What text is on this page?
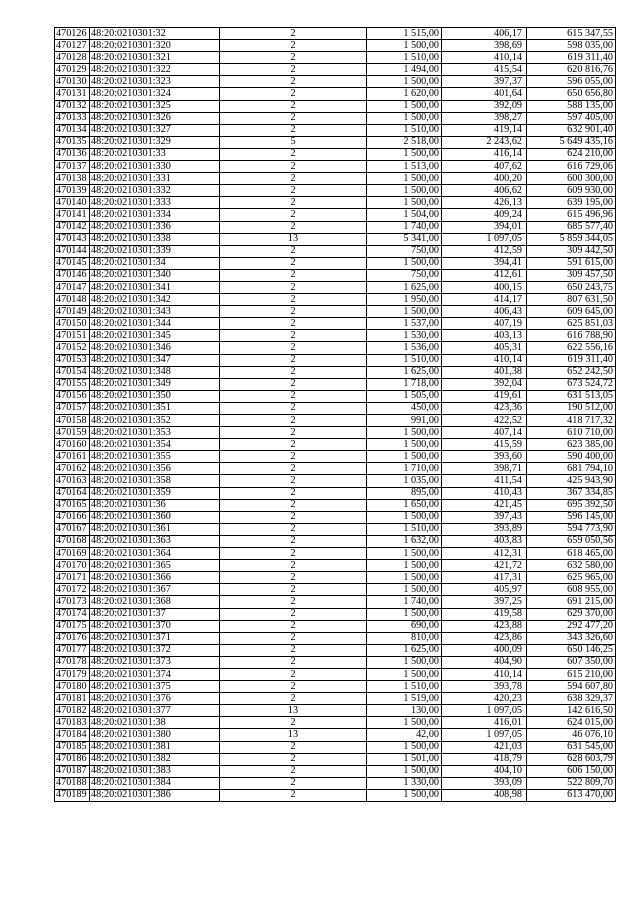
470126	48:20:0210301:32	2	1 515,00	406,17	615 347,55
470127	48:20:0210301:320	2	1 500,00	398,69	598 035,00
470128	48:20:0210301:321	2	1 510,00	410,14	619 311,40
470129	48:20:0210301:322	2	1 494,00	415,54	620 816,76
470130	48:20:0210301:323	2	1 500,00	397,37	596 055,00
470131	48:20:0210301:324	2	1 620,00	401,64	650 656,80
470132	48:20:0210301:325	2	1 500,00	392,09	588 135,00
470133	48:20:0210301:326	2	1 500,00	398,27	597 405,00
470134	48:20:0210301:327	2	1 510,00	419,14	632 901,40
470135	48:20:0210301:329	5	2 518,00	2 243,62	5 649 435,16
470136	48:20:0210301:33	2	1 500,00	416,14	624 210,00
470137	48:20:0210301:330	2	1 513,00	407,62	616 729,06
470138	48:20:0210301:331	2	1 500,00	400,20	600 300,00
470139	48:20:0210301:332	2	1 500,00	406,62	609 930,00
470140	48:20:0210301:333	2	1 500,00	426,13	639 195,00
470141	48:20:0210301:334	2	1 504,00	409,24	615 496,96
470142	48:20:0210301:336	2	1 740,00	394,01	685 577,40
470143	48:20:0210301:338	13	5 341,00	1 097,05	5 859 344,05
470144	48:20:0210301:339	2	750,00	412,59	309 442,50
470145	48:20:0210301:34	2	1 500,00	394,41	591 615,00
470146	48:20:0210301:340	2	750,00	412,61	309 457,50
470147	48:20:0210301:341	2	1 625,00	400,15	650 243,75
470148	48:20:0210301:342	2	1 950,00	414,17	807 631,50
470149	48:20:0210301:343	2	1 500,00	406,43	609 645,00
470150	48:20:0210301:344	2	1 537,00	407,19	625 851,03
470151	48:20:0210301:345	2	1 530,00	403,13	616 788,90
470152	48:20:0210301:346	2	1 536,00	405,31	622 556,16
470153	48:20:0210301:347	2	1 510,00	410,14	619 311,40
470154	48:20:0210301:348	2	1 625,00	401,38	652 242,50
470155	48:20:0210301:349	2	1 718,00	392,04	673 524,72
470156	48:20:0210301:350	2	1 505,00	419,61	631 513,05
470157	48:20:0210301:351	2	450,00	423,36	190 512,00
470158	48:20:0210301:352	2	991,00	422,52	418 717,32
470159	48:20:0210301:353	2	1 500,00	407,14	610 710,00
470160	48:20:0210301:354	2	1 500,00	415,59	623 385,00
470161	48:20:0210301:355	2	1 500,00	393,60	590 400,00
470162	48:20:0210301:356	2	1 710,00	398,71	681 794,10
470163	48:20:0210301:358	2	1 035,00	411,54	425 943,90
470164	48:20:0210301:359	2	895,00	410,43	367 334,85
470165	48:20:0210301:36	2	1 650,00	421,45	695 392,50
470166	48:20:0210301:360	2	1 500,00	397,43	596 145,00
470167	48:20:0210301:361	2	1 510,00	393,89	594 773,90
470168	48:20:0210301:363	2	1 632,00	403,83	659 050,56
470169	48:20:0210301:364	2	1 500,00	412,31	618 465,00
470170	48:20:0210301:365	2	1 500,00	421,72	632 580,00
470171	48:20:0210301:366	2	1 500,00	417,31	625 965,00
470172	48:20:0210301:367	2	1 500,00	405,97	608 955,00
470173	48:20:0210301:368	2	1 740,00	397,25	691 215,00
470174	48:20:0210301:37	2	1 500,00	419,58	629 370,00
470175	48:20:0210301:370	2	690,00	423,88	292 477,20
470176	48:20:0210301:371	2	810,00	423,86	343 326,60
470177	48:20:0210301:372	2	1 625,00	400,09	650 146,25
470178	48:20:0210301:373	2	1 500,00	404,90	607 350,00
470179	48:20:0210301:374	2	1 500,00	410,14	615 210,00
470180	48:20:0210301:375	2	1 510,00	393,78	594 607,80
470181	48:20:0210301:376	2	1 519,00	420,23	638 329,37
470182	48:20:0210301:377	13	130,00	1 097,05	142 616,50
470183	48:20:0210301:38	2	1 500,00	416,01	624 015,00
470184	48:20:0210301:380	13	42,00	1 097,05	46 076,10
470185	48:20:0210301:381	2	1 500,00	421,03	631 545,00
470186	48:20:0210301:382	2	1 501,00	418,79	628 603,79
470187	48:20:0210301:383	2	1 500,00	404,10	606 150,00
470188	48:20:0210301:384	2	1 330,00	393,09	522 809,70
470189	48:20:0210301:386	2	1 500,00	408,98	613 470,00
